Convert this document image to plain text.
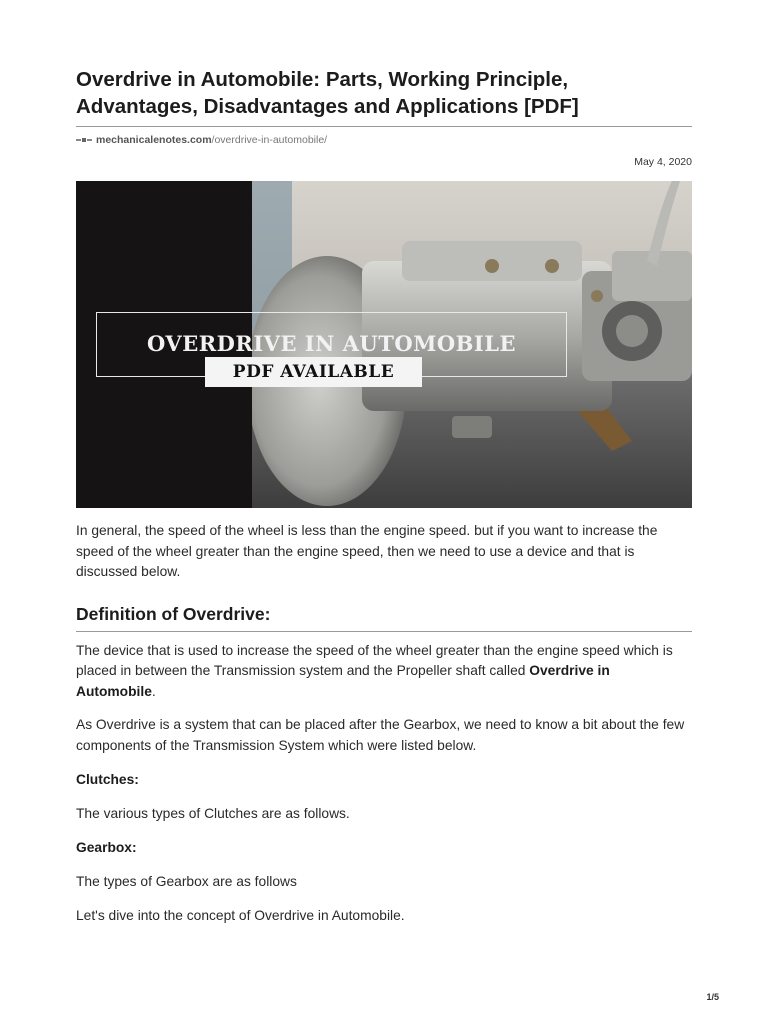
Overdrive in Automobile: Parts, Working Principle, Advantages, Disadvantages and Applications [PDF]
mechanicalenotes.com /overdrive-in-automobile/
May 4, 2020
OVERDRIVE IN AUTOMOBILE
PDF AVAILABLE

In general, the speed of the wheel is less than the engine speed. but if you want to increase the speed of the wheel greater than the engine speed, then we need to use a device and that is discussed below.

Definition of Overdrive:

The device that is used to increase the speed of the wheel greater than the engine speed which is placed in between the Transmission system and the Propeller shaft called Overdrive in Automobile.

As Overdrive is a system that can be placed after the Gearbox, we need to know a bit about the few components of the Transmission System which were listed below.

Clutches:

The various types of Clutches are as follows.

Gearbox:

The types of Gearbox are as follows

Let's dive into the concept of Overdrive in Automobile.

1/5
